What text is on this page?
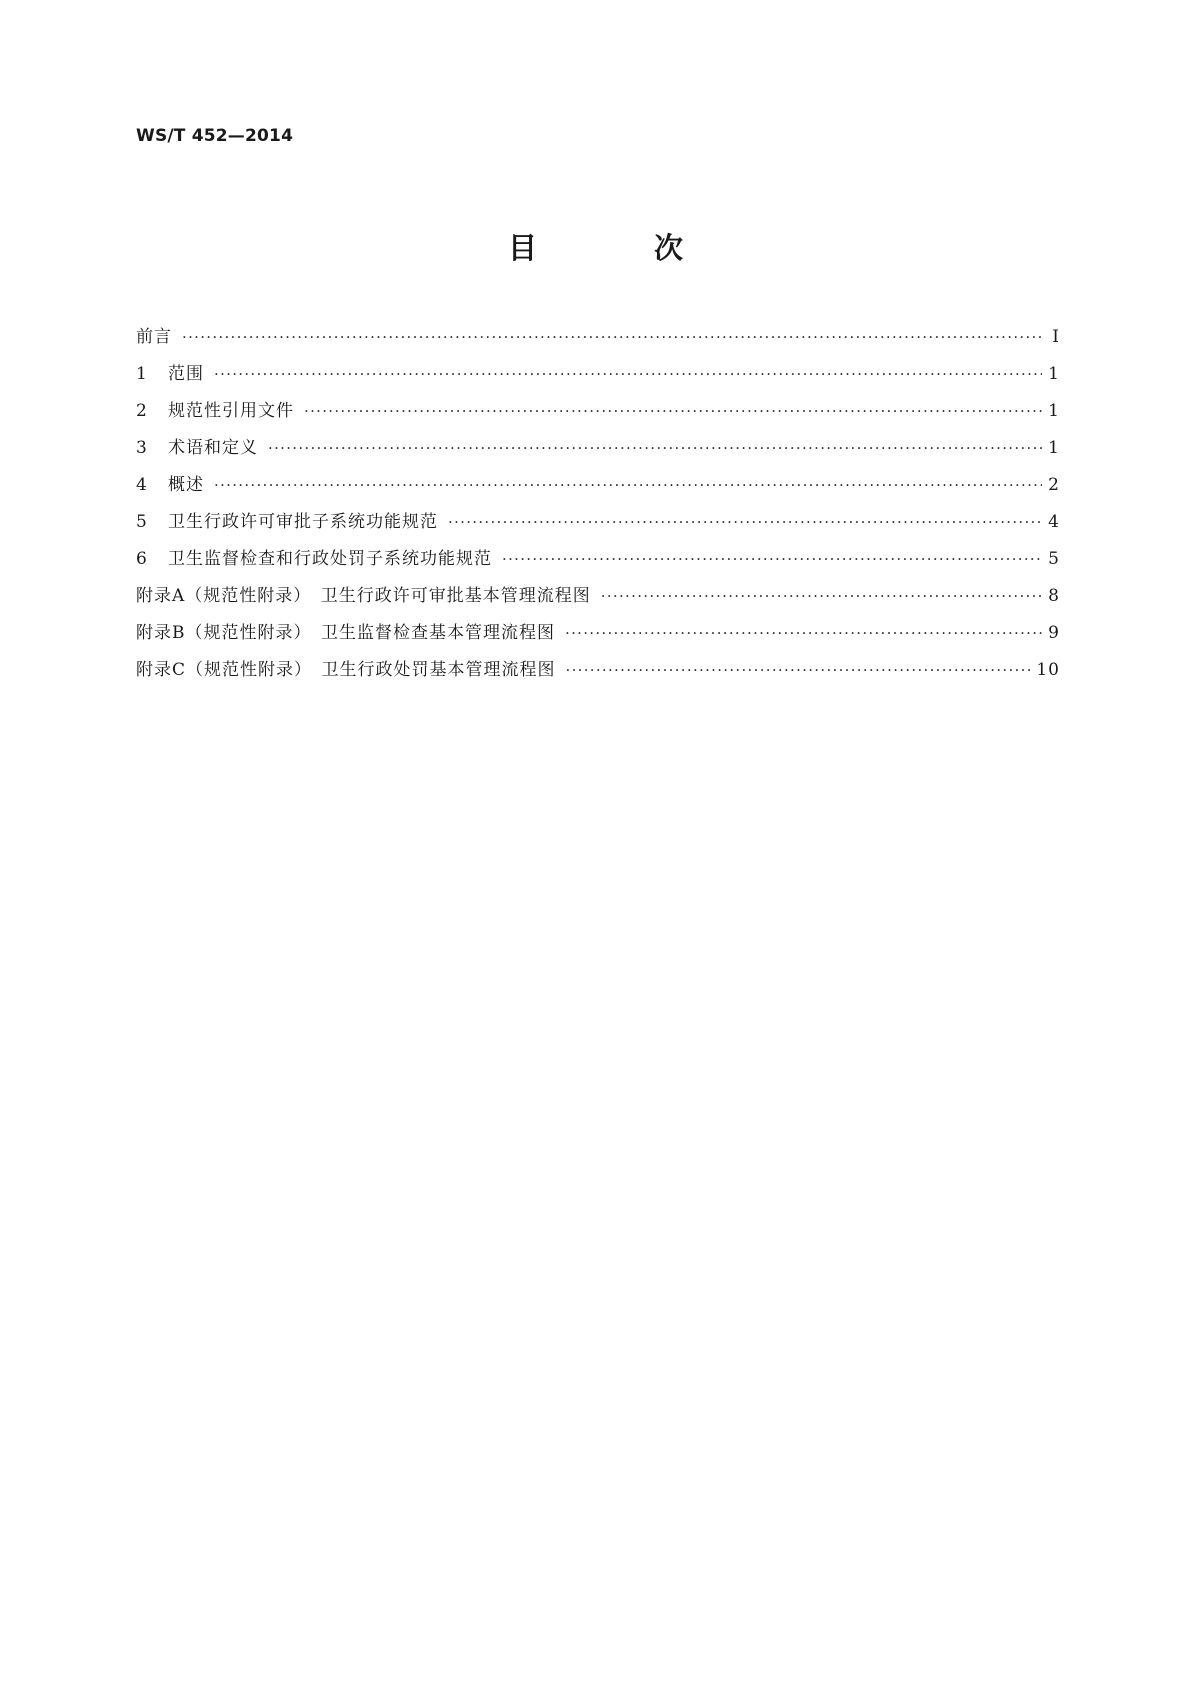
WS/T 452—2014
目　次
前言 ·····	Ⅰ
1	范围 ·····	1
2	规范性引用文件 ·····	1
3	术语和定义 ·····	1
4	概述 ·····	2
5	卫生行政许可审批子系统功能规范 ·····	4
6	卫生监督检查和行政处罚子系统功能规范 ·····	5
附录A（规范性附录）　卫生行政许可审批基本管理流程图 ·····	8
附录B（规范性附录）　卫生监督检查基本管理流程图 ·····	9
附录C（规范性附录）　卫生行政处罚基本管理流程图 ·····	10
